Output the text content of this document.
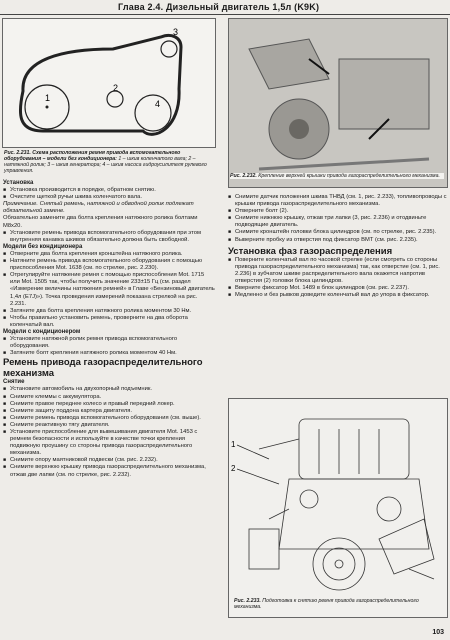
Глава 2.4. Дизельный двигатель 1,5л (K9K)
1
2
3
4
Рис. 2.231. Схема расположения ремня привода вспомогательного оборудования – модели без кондиционера: 1 – шкив коленчатого вала; 2 – натяжной ролик; 3 – шкив генератора; 4 – шкив насоса гидроусилителя рулевого управления.
Установка
■ Установка производится в порядке, обратном снятию.
■ Очистите щеткой ручьи шкива коленчатого вала.
Примечание. Снятый ремень, натяжной и обводной ролик подлежат обязательной замене.
Обязательно замените два болта крепления натяжного ролика болтами M8x20.
■ Установите ремень привода вспомогательного оборудования при этом внутренняя канавка шкивов обязательно должна быть свободной.
Модели без кондиционера
■ Отверните два болта крепления кронштейна натяжного ролика.
■ Натяните ремень привода вспомогательного оборудования с помощью приспособления Mot. 1638 (см. по стрелке, рис. 2.230).
■ Отрегулируйте натяжение ремня с помощью приспособления Mot. 1715 или Mot. 1505 так, чтобы получить значение 233±15 Гц (см. раздел «Измерение величины натяжения ремней» в Главе «Бензиновый двигатель 1,4л (E7J)»). Точка проведения измерений показана стрелкой на рис. 2.231.
■ Затяните два болта крепления натяжного ролика моментом 30 Нм.
■ Чтобы правильно установить ремень, проверните на два оборота коленчатый вал.
Модели с кондиционером
■ Установите натяжной ролик ремня привода вспомогательного оборудования.
■ Затяните болт крепления натяжного ролика моментом 40 Нм.
Ремень привода газораспределительного механизма
Снятие
■ Установите автомобиль на двухопорный подъемник.
■ Снимите клеммы с аккумулятора.
■ Снимите правое переднее колесо и правый передний локер.
■ Снимите защиту поддона картера двигателя.
■ Снимите ремень привода вспомогательного оборудования (см. выше).
■ Снимите реактивную тягу двигателя.
■ Установите приспособление для вывешивания двигателя Mot. 1453 с ремнем безопасности и используйте в качестве точки крепления подвижную проушину со стороны привода газораспределительного механизма.
■ Снимите опору маятниковой подвески (см. рис. 2.232).
■ Снимите верхнюю крышку привода газораспределительного механизма, отжав две лапки (см. по стрелке, рис. 2.232).
Рис. 2.232. Крепление верхней крышки привода газораспределительного механизма.
■ Снимите датчик положения шкива ТНВД (см. 1, рис. 2.233), топливопроводы с крышки привода газораспределительного механизма.
■ Отверните болт (2).
■ Снимите нижнюю крышку, отжав три лапки (3, рис. 2.236) и отодвиньте подводящие двигатель.
■ Снимите кронштейн головки блока цилиндров (см. по стрелке, рис. 2.235).
■ Выверните пробку из отверстия под фиксатор ВМТ (см. рис. 2.235).
Установка фаз газораспределения
■ Поверните коленчатый вал по часовой стрелке (если смотреть со стороны привода газораспределительного механизма) так, как отверстие (см. 1, рис. 2.236) в зубчатом шкиве распределительного вала окажется напротив отверстия (2) головки блока цилиндров.
■ Вверните фиксатор Mot. 1489 в блок цилиндров (см. рис. 2.237).
■ Медленно и без рывков доведите коленчатый вал до упора в фиксатор.
1
2
Рис. 2.233. Подготовка к снятию ремня привода газораспределительного механизма.
103
